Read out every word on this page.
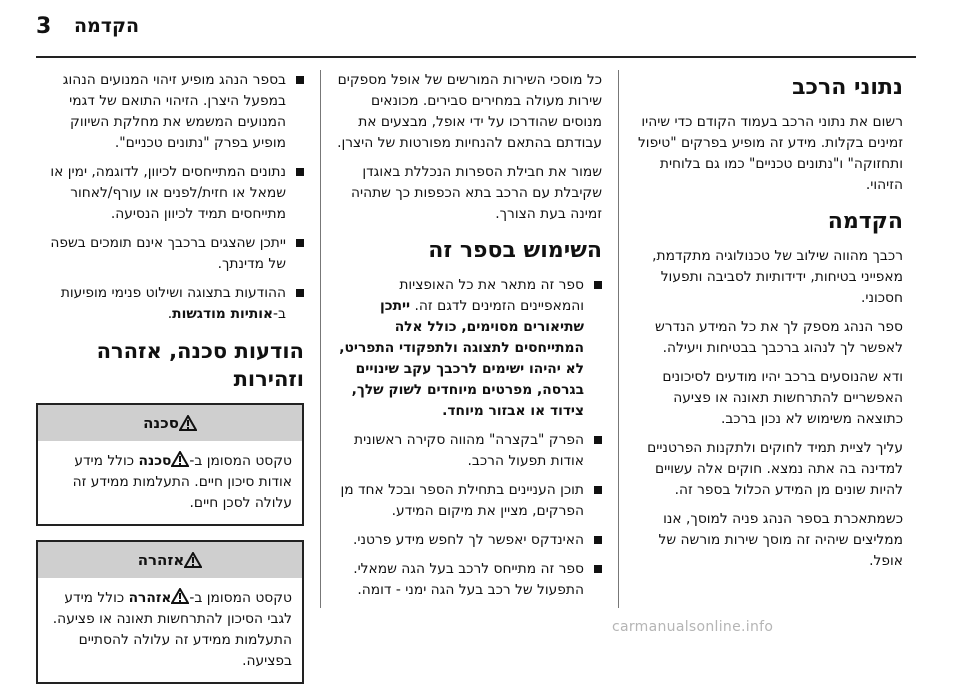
3 הקדמה
נתוני הרכב

רשום את נתוני הרכב בעמוד הקודם כדי שיהיו זמינים בקלות. מידע זה מופיע בפרקים "טיפול ותחזוקה" ו"נתונים טכניים" כמו גם בלוחית הזיהוי.

הקדמה

רכבך מהווה שילוב של טכנולוגיה מתקדמת, מאפייני בטיחות, ידידותיות לסביבה ותפעול חסכוני.

ספר הנהג מספק לך את כל המידע הנדרש לאפשר לך לנהוג ברכבך בבטיחות ויעילה.

ודא שהנוסעים ברכב יהיו מודעים לסיכונים האפשריים להתרחשות תאונה או פציעה כתוצאה משימוש לא נכון ברכב.

עליך לציית תמיד לחוקים ולתקנות הפרטניים למדינה בה אתה נמצא. חוקים אלה עשויים להיות שונים מן המידע הכלול בספר זה.

כשמתאכרת בספר הנהג פניה למוסך, אנו ממליצים שיהיה זה מוסך שירות מורשה של אופל.

כל מוסכי השירות המורשים של אופל מספקים שירות מעולה במחירים סבירים. מכונאים מנוסים שהודרכו על ידי אופל, מבצעים את עבודתם בהתאם להנחיות מפורטות של היצרן.

שמור את חבילת הספרות הנכללת באוגדן שקיבלת עם הרכב בתא הכפפות כך שתהיה זמינה בעת הצורך.

השימוש בספר זה
ספר זה מתאר את כל האופציות והמאפיינים הזמינים לדגם זה. ייתכן שתיאורים מסוימים, כולל אלה המתייחסים לתצוגה ולתפקודי התפריט, לא יהיהו ישימים לרכבך עקב שינויים בגרסה, מפרטים מיוחדים לשוק שלך, צידוד או אבזור מיוחד.
הפרק "בקצרה" מהווה סקירה ראשונית אודות תפעול הרכב.
תוכן העניינים בתחילת הספר ובכל אחד מן הפרקים, מציין את מיקום המידע.
האינדקס יאפשר לך לחפש מידע פרטני.
ספר זה מתייחס לרכב בעל הגה שמאלי. התפעול של רכב בעל הגה ימני - דומה.
בספר הנהג מופיע זיהוי המנועים הנהוג במפעל היצרן. הזיהוי התואם של דגמי המנועים המשמש את מחלקת השיווק מופיע בפרק "נתונים טכניים".
נתונים המתייחסים לכיוון, לדוגמה, ימין או שמאל או חזית/לפנים או עורף/לאחור מתייחסים תמיד לכיוון הנסיעה.
ייתכן שהצגים ברכבך אינם תומכים בשפה של מדינתך.
ההודעות בתצוגה ושילוט פנימי מופיעות ב-אותיות מודגשות.
הודעות סכנה, אזהרה וזהירות
סכנה
טקסט המסומן ב-סכנה כולל מידע אודות סיכון חיים. התעלמות ממידע זה עלולה לסכן חיים.
אזהרה
טקסט המסומן ב-אזהרה כולל מידע לגבי הסיכון להתרחשות תאונה או פציעה. התעלמות ממידע זה עלולה להסתיים בפציעה.
carmanualsonline.info
